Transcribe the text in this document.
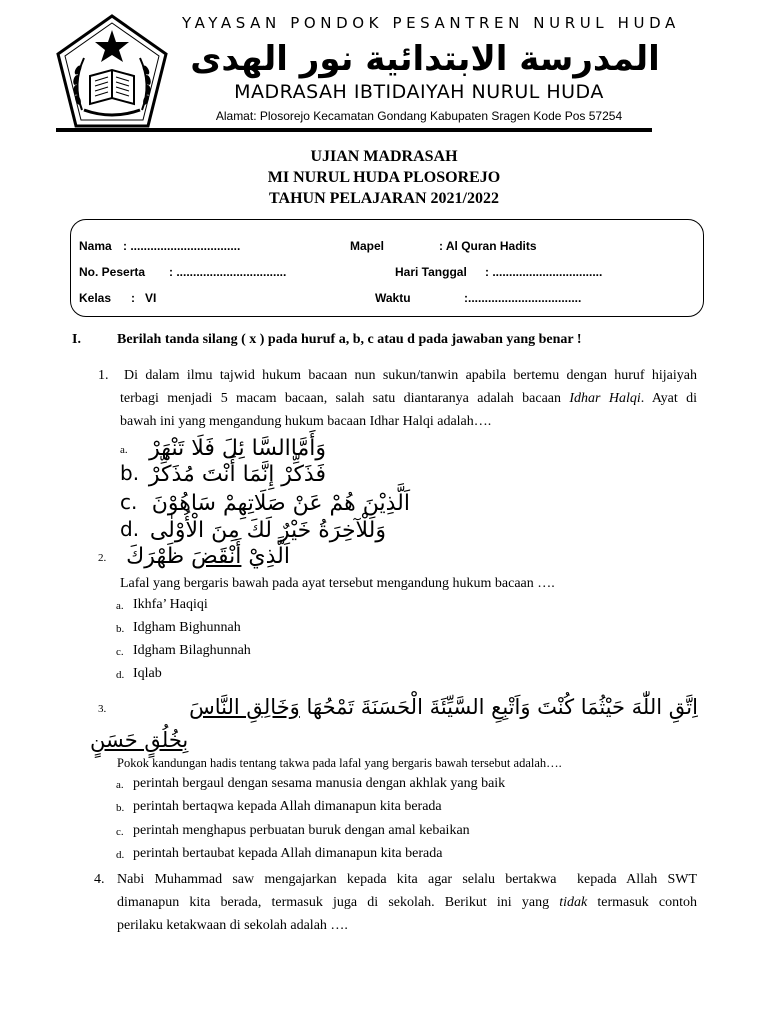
YAYASAN PONDOK PESANTREN NURUL HUDA
المدرسة الابتدائية نور الهدى
MADRASAH IBTIDAIYAH NURUL HUDA
Alamat: Plosorejo Kecamatan Gondang Kabupaten Sragen Kode Pos 57254
UJIAN MADRASAH
MI NURUL HUDA PLOSOREJO
TAHUN PELAJARAN 2021/2022
Nama : .................................	Mapel	: Al Quran Hadits
No. Peserta : .................................	Hari Tanggal : .................................
Kelas :   VI	Waktu	:..................................
I.	Berilah tanda silang ( x ) pada huruf a, b, c atau d pada jawaban yang benar !
1. Di dalam ilmu tajwid hukum bacaan nun sukun/tanwin apabila bertemu dengan huruf hijaiyah
terbagi menjadi 5 macam bacaan, salah satu diantaranya adalah bacaan Idhar Halqi. Ayat di
bawah ini yang mengandung hukum bacaan Idhar Halqi adalah….
a. وَأَمَّاالسَّا ئِلَ فَلَا تَنْهَرْ
b. فَذَكِّرْ إِنَّمَا أَنْتَ مُذَكِّرْ
c. اَلَّذِيْنَ هُمْ عَنْ صَلَاتِهِمْ سَاهُوْنَ
d. وَلَلْآخِرَةُ خَيْرٌ لَكَ مِنَ الْأُوْلٰى
2.	اَلَّذِيْ أَنْقَضَ ظَهْرَكَ
Lafal yang bergaris bawah pada ayat tersebut mengandung hukum bacaan ….
a. Ikhfa’ Haqiqi
b. Idgham Bighunnah
c. Idgham Bilaghunnah
d. Iqlab
3.	اِتَّقِ اللّٰهَ حَيْثُمَا كُنْتَ وَاَتْبِعِ السَّيِّئَةَ الْحَسَنَةَ تَمْحُهَا وَخَالِقِ النَّاسَ
بِخُلُقٍ حَسَنٍ
Pokok kandungan hadis tentang takwa pada lafal yang bergaris bawah tersebut adalah….
a. perintah bergaul dengan sesama manusia dengan akhlak yang baik
b. perintah bertaqwa kepada Allah dimanapun kita berada
c. perintah menghapus perbuatan buruk dengan amal kebaikan
d. perintah bertaubat kepada Allah dimanapun kita berada
4. Nabi Muhammad saw mengajarkan kepada kita agar selalu bertakwa  kepada Allah SWT
dimanapun kita berada, termasuk juga di sekolah. Berikut ini yang tidak termasuk contoh
perilaku ketakwaan di sekolah adalah ….
